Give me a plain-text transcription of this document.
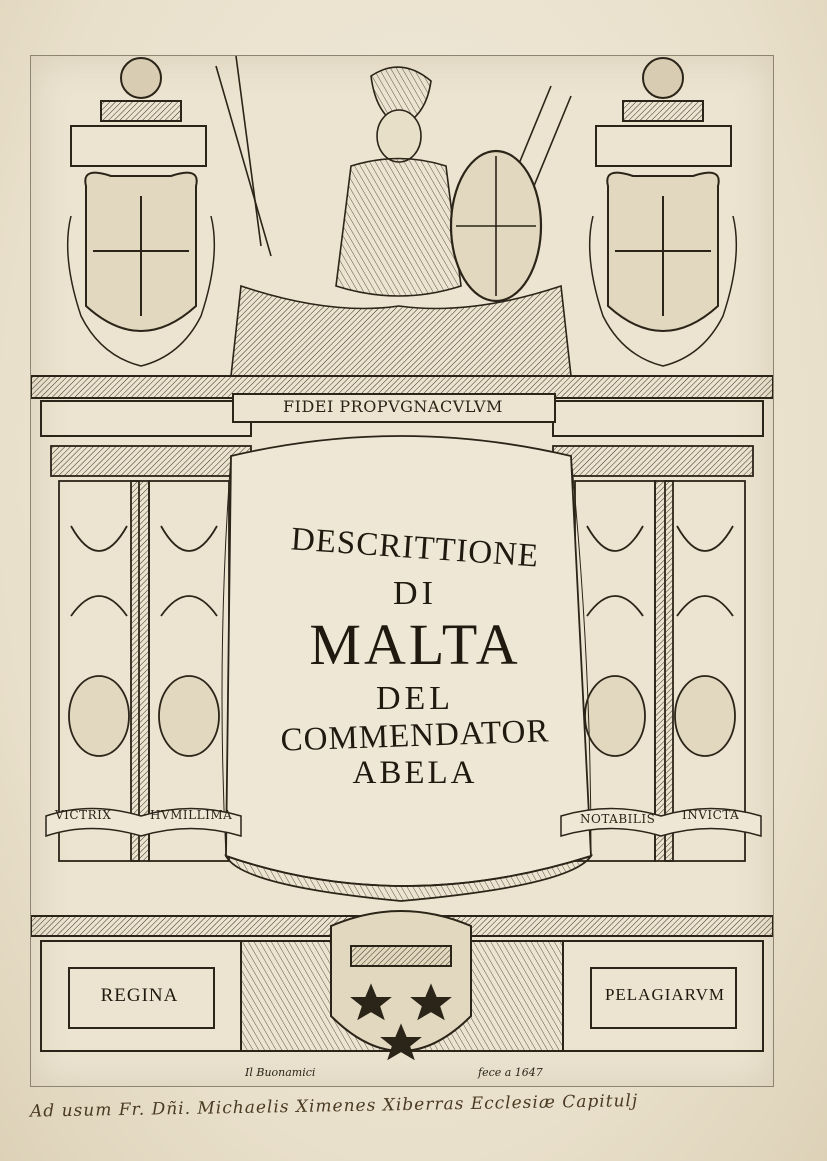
FIDEI PROPVGNACVLVM
DESCRITTIONE
DI
MALTA
DEL
COMMENDATOR
ABELA
VICTRIX	HVMILLIMA	NOTABILIS INVICTA
REGINA	PELAGIARVM
Il Buonamici	fece a 1647
Ad usum Fr. Dñi. Michaelis Ximenes Xiberras Ecclesiæ Capitulj
